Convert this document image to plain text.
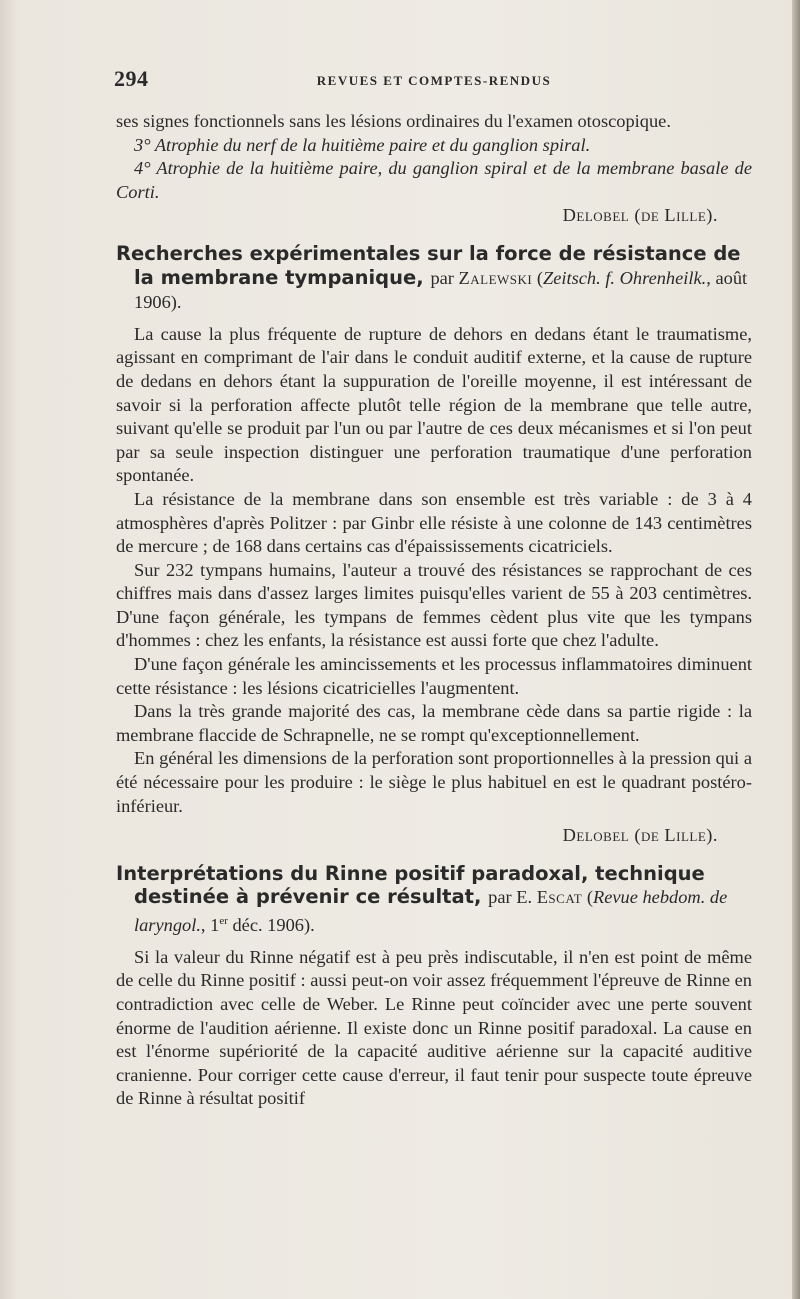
294	REVUES ET COMPTES-RENDUS

ses signes fonctionnels sans les lésions ordinaires du l'examen otoscopique.

3° Atrophie du nerf de la huitième paire et du ganglion spiral.

4° Atrophie de la huitième paire, du ganglion spiral et de la membrane basale de Corti.

Delobel (de Lille).

Recherches expérimentales sur la force de résistance de la membrane tympanique, par Zalewski (Zeitsch. f. Ohrenheilk., août 1906).

La cause la plus fréquente de rupture de dehors en dedans étant le traumatisme, agissant en comprimant de l'air dans le conduit auditif externe, et la cause de rupture de dedans en dehors étant la suppuration de l'oreille moyenne, il est intéressant de savoir si la perforation affecte plutôt telle région de la membrane que telle autre, suivant qu'elle se produit par l'un ou par l'autre de ces deux mécanismes et si l'on peut par sa seule inspection distinguer une perforation traumatique d'une perforation spontanée.

La résistance de la membrane dans son ensemble est très variable : de 3 à 4 atmosphères d'après Politzer : par Ginbr elle résiste à une colonne de 143 centimètres de mercure ; de 168 dans certains cas d'épaississements cicatriciels.

Sur 232 tympans humains, l'auteur a trouvé des résistances se rapprochant de ces chiffres mais dans d'assez larges limites puisqu'elles varient de 55 à 203 centimètres. D'une façon générale, les tympans de femmes cèdent plus vite que les tympans d'hommes : chez les enfants, la résistance est aussi forte que chez l'adulte.

D'une façon générale les amincissements et les processus inflammatoires diminuent cette résistance : les lésions cicatricielles l'augmentent.

Dans la très grande majorité des cas, la membrane cède dans sa partie rigide : la membrane flaccide de Schrapnelle, ne se rompt qu'exceptionnellement.

En général les dimensions de la perforation sont proportionnelles à la pression qui a été nécessaire pour les produire : le siège le plus habituel en est le quadrant postéro-inférieur.

Delobel (de Lille).

Interprétations du Rinne positif paradoxal, technique destinée à prévenir ce résultat, par E. Escat (Revue hebdom. de laryngol., 1er déc. 1906).

Si la valeur du Rinne négatif est à peu près indiscutable, il n'en est point de même de celle du Rinne positif : aussi peut-on voir assez fréquemment l'épreuve de Rinne en contradiction avec celle de Weber. Le Rinne peut coïncider avec une perte souvent énorme de l'audition aérienne. Il existe donc un Rinne positif paradoxal. La cause en est l'énorme supériorité de la capacité auditive aérienne sur la capacité auditive cranienne. Pour corriger cette cause d'erreur, il faut tenir pour suspecte toute épreuve de Rinne à résultat positif
